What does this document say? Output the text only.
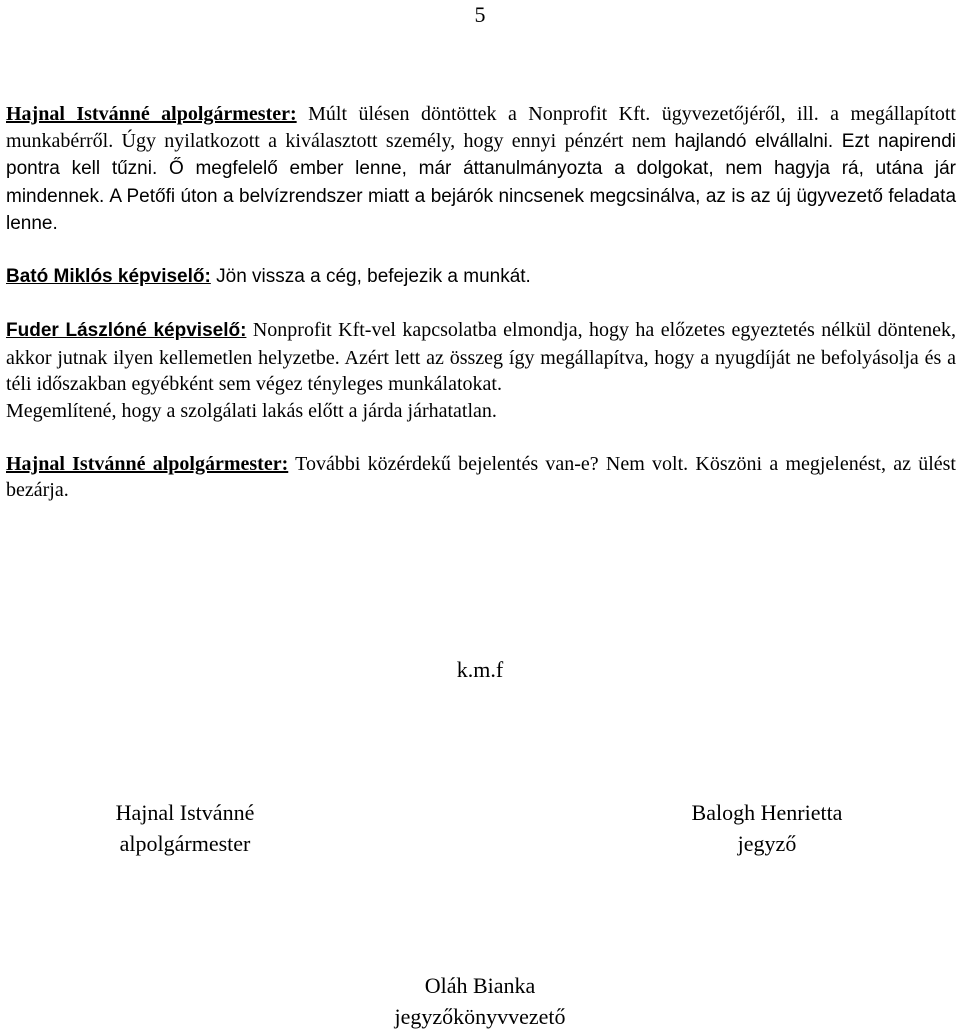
5

Hajnal Istvánné alpolgármester: Múlt ülésen döntöttek a Nonprofit Kft. ügyvezetőjéről, ill. a megállapított munkabérről. Úgy nyilatkozott a kiválasztott személy, hogy ennyi pénzért nem hajlandó elvállalni. Ezt napirendi pontra kell tűzni. Ő megfelelő ember lenne, már áttanulmányozta a dolgokat, nem hagyja rá, utána jár mindennek. A Petőfi úton a belvízrendszer miatt a bejárók nincsenek megcsinálva, az is az új ügyvezető feladata lenne.

Bató Miklós képviselő: Jön vissza a cég, befejezik a munkát.

Fuder Lászlóné képviselő: Nonprofit Kft-vel kapcsolatba elmondja, hogy ha előzetes egyeztetés nélkül döntenek, akkor jutnak ilyen kellemetlen helyzetbe. Azért lett az összeg így megállapítva, hogy a nyugdíját ne befolyásolja és a téli időszakban egyébként sem végez tényleges munkálatokat.

Megemlítené, hogy a szolgálati lakás előtt a járda járhatatlan.

Hajnal Istvánné alpolgármester: További közérdekű bejelentés van-e? Nem volt. Köszöni a megjelenést, az ülést bezárja.

k.m.f
Hajnal Istvánné
alpolgármester
Balogh Henrietta
jegyző
Oláh Bianka
jegyzőkönyvvezető
